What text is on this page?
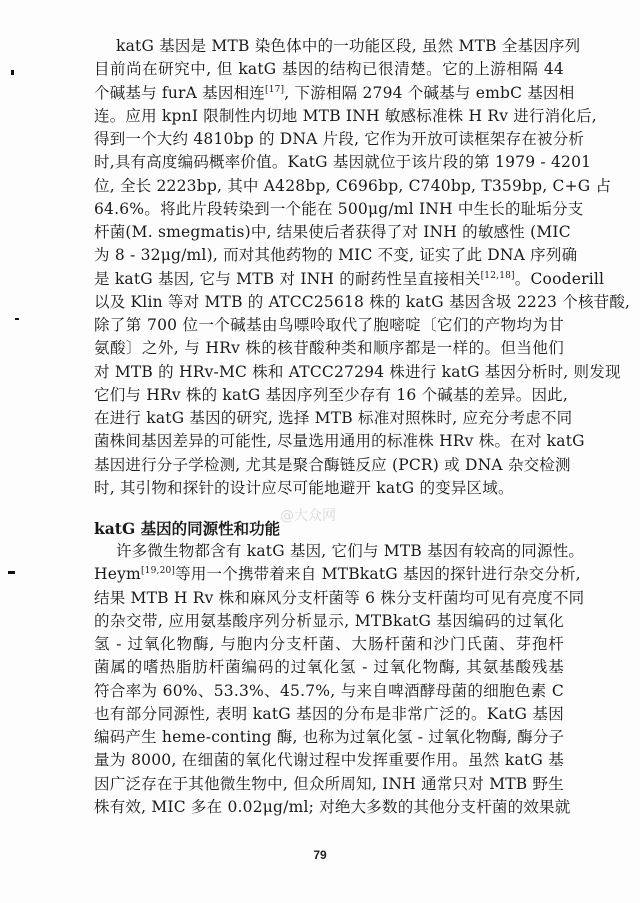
katG 基因是 MTB 染色体中的一功能区段, 虽然 MTB 全基因序列
目前尚在研究中, 但 katG 基因的结构已很清楚。它的上游相隔 44
个碱基与 furA 基因相连[17], 下游相隔 2794 个碱基与 embC 基因相
连。应用 kpnI 限制性内切地 MTB INH 敏感标准株 H Rv 进行消化后,
得到一个大约 4810bp 的 DNA 片段, 它作为开放可读框架存在被分析
时,具有高度编码概率价值。KatG 基因就位于该片段的第 1979 - 4201
位, 全长 2223bp, 其中 A428bp, C696bp, C740bp, T359bp, C+G 占
64.6%。将此片段转染到一个能在 500μg/ml INH 中生长的耻垢分支
杆菌(M. smegmatis)中, 结果使后者获得了对 INH 的敏感性 (MIC
为 8 - 32μg/ml), 而对其他药物的 MIC 不变, 证实了此 DNA 序列确
是 katG 基因, 它与 MTB 对 INH 的耐药性呈直接相关[12,18]。Cooderill
以及 Klin 等对 MTB 的 ATCC25618 株的 katG 基因含圾 2223 个核苷酸,
除了第 700 位一个碱基由鸟嘌呤取代了胞嘧啶〔它们的产物均为甘
氨酸〕之外, 与 HRv 株的核苷酸种类和顺序都是一样的。但当他们
对 MTB 的 HRv-MC 株和 ATCC27294 株进行 katG 基因分析时, 则发现
它们与 HRv 株的 katG 基因序列至少存有 16 个碱基的差异。因此,
在进行 katG 基因的研究, 选择 MTB 标准对照株时, 应充分考虑不同
菌株间基因差异的可能性, 尽量选用通用的标准株 HRv 株。在对 katG
基因进行分子学检测, 尤其是聚合酶链反应 (PCR) 或 DNA 杂交检测
时, 其引物和探针的设计应尽可能地避开 katG 的变异区域。
katG 基因的同源性和功能
许多微生物都含有 katG 基因, 它们与 MTB 基因有较高的同源性。
Heym[19,20]等用一个携带着来自 MTBkatG 基因的探针进行杂交分析,
结果 MTB H Rv 株和麻风分支杆菌等 6 株分支杆菌均可见有亮度不同
的杂交带, 应用氨基酸序列分析显示, MTBkatG 基因编码的过氧化
氢 - 过氧化物酶, 与胞内分支杆菌、大肠杆菌和沙门氏菌、芽孢杆
菌属的嗜热脂肪杆菌编码的过氧化氢 - 过氧化物酶, 其氨基酸残基
符合率为 60%、53.3%、45.7%, 与来自啤酒酵母菌的细胞色素 C
也有部分同源性, 表明 katG 基因的分布是非常广泛的。KatG 基因
编码产生 heme-conting 酶, 也称为过氧化氢 - 过氧化物酶, 酶分子
量为 8000, 在细菌的氧化代谢过程中发挥重要作用。虽然 katG 基
因广泛存在于其他微生物中, 但众所周知, INH 通常只对 MTB 野生
株有效, MIC 多在 0.02μg/ml; 对绝大多数的其他分支杆菌的效果就
@大众网
79
